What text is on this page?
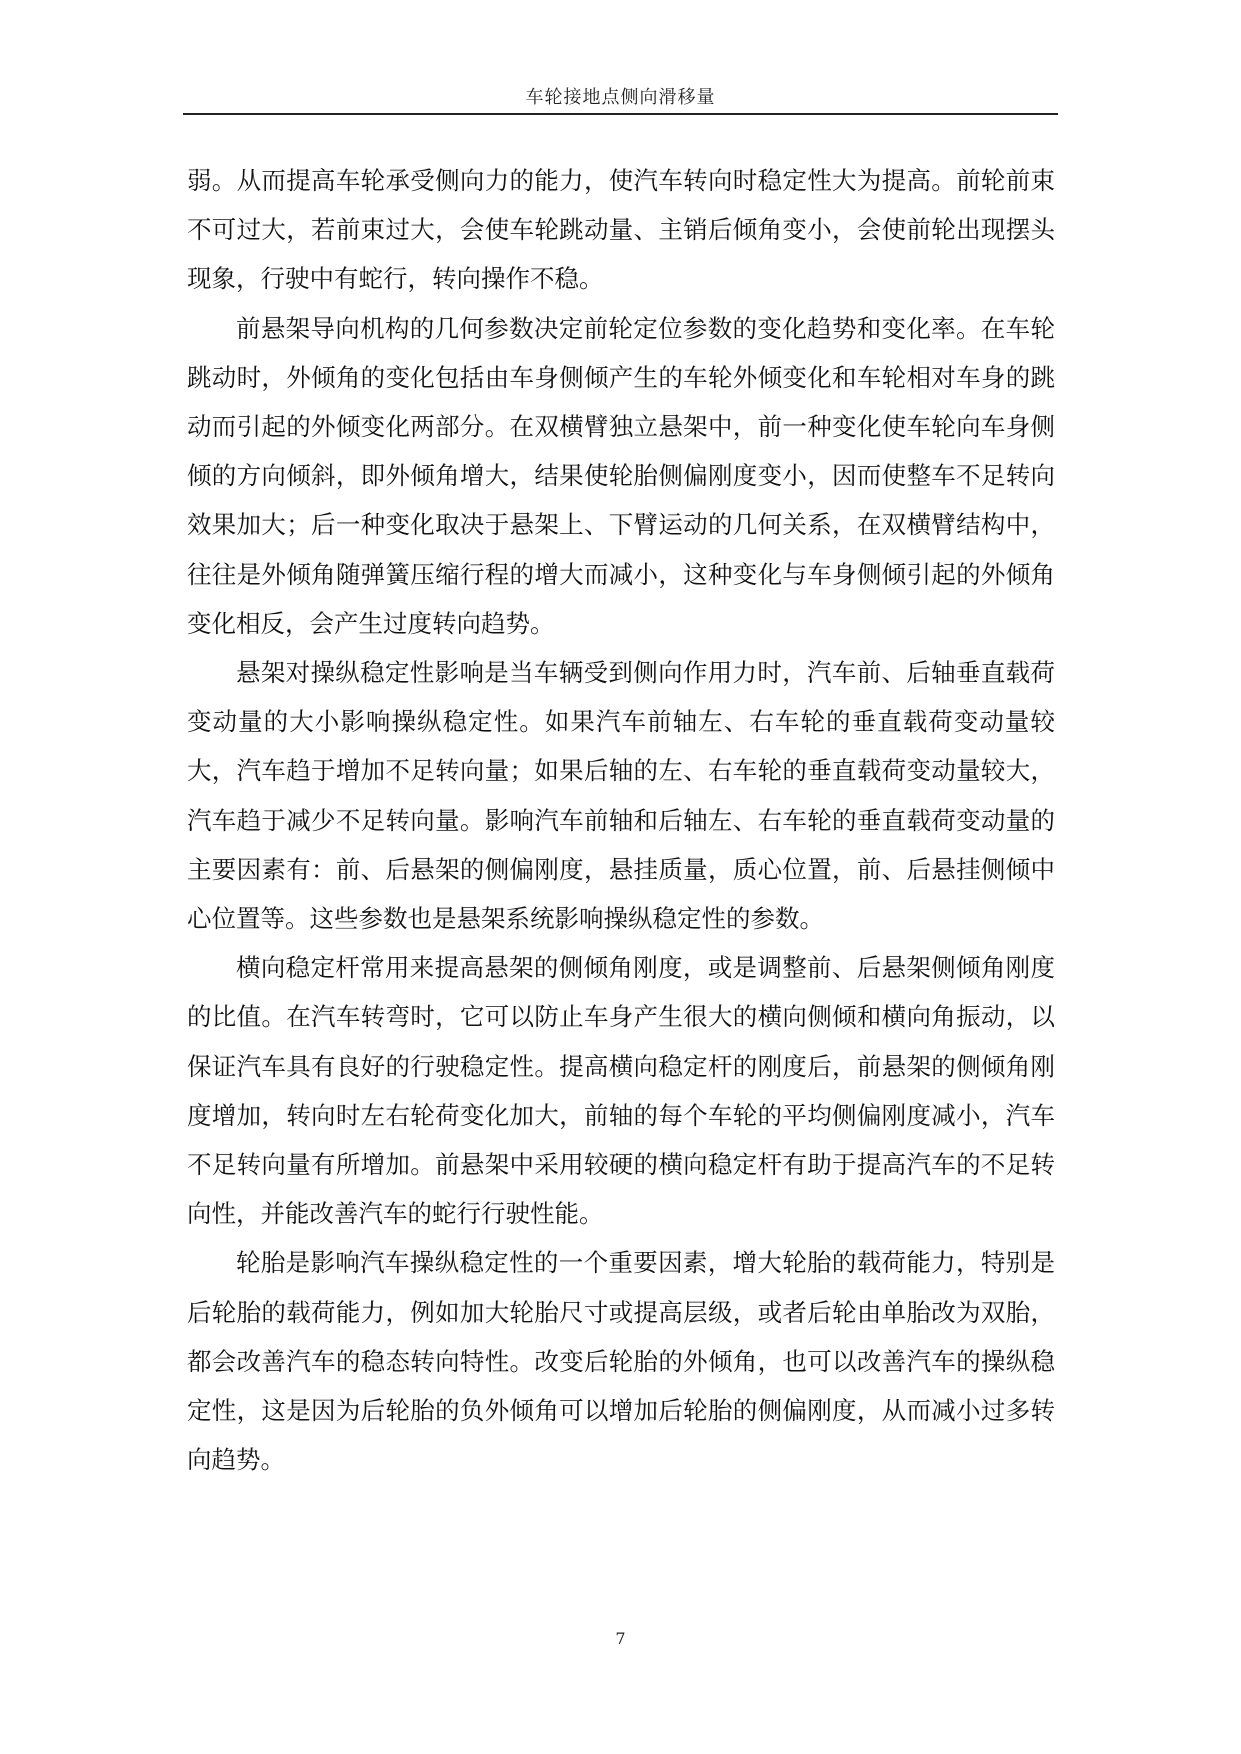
车轮接地点侧向滑移量

弱。从而提高车轮承受侧向力的能力，使汽车转向时稳定性大为提高。前轮前束不可过大，若前束过大，会使车轮跳动量、主销后倾角变小，会使前轮出现摆头现象，行驶中有蛇行，转向操作不稳。

前悬架导向机构的几何参数决定前轮定位参数的变化趋势和变化率。在车轮跳动时，外倾角的变化包括由车身侧倾产生的车轮外倾变化和车轮相对车身的跳动而引起的外倾变化两部分。在双横臂独立悬架中，前一种变化使车轮向车身侧倾的方向倾斜，即外倾角增大，结果使轮胎侧偏刚度变小，因而使整车不足转向效果加大；后一种变化取决于悬架上、下臂运动的几何关系，在双横臂结构中，往往是外倾角随弹簧压缩行程的增大而减小，这种变化与车身侧倾引起的外倾角变化相反，会产生过度转向趋势。

悬架对操纵稳定性影响是当车辆受到侧向作用力时，汽车前、后轴垂直载荷变动量的大小影响操纵稳定性。如果汽车前轴左、右车轮的垂直载荷变动量较大，汽车趋于增加不足转向量；如果后轴的左、右车轮的垂直载荷变动量较大，汽车趋于减少不足转向量。影响汽车前轴和后轴左、右车轮的垂直载荷变动量的主要因素有：前、后悬架的侧偏刚度，悬挂质量，质心位置，前、后悬挂侧倾中心位置等。这些参数也是悬架系统影响操纵稳定性的参数。

横向稳定杆常用来提高悬架的侧倾角刚度，或是调整前、后悬架侧倾角刚度的比值。在汽车转弯时，它可以防止车身产生很大的横向侧倾和横向角振动，以保证汽车具有良好的行驶稳定性。提高横向稳定杆的刚度后，前悬架的侧倾角刚度增加，转向时左右轮荷变化加大，前轴的每个车轮的平均侧偏刚度减小，汽车不足转向量有所增加。前悬架中采用较硬的横向稳定杆有助于提高汽车的不足转向性，并能改善汽车的蛇行行驶性能。

轮胎是影响汽车操纵稳定性的一个重要因素，增大轮胎的载荷能力，特别是后轮胎的载荷能力，例如加大轮胎尺寸或提高层级，或者后轮由单胎改为双胎，都会改善汽车的稳态转向特性。改变后轮胎的外倾角，也可以改善汽车的操纵稳定性，这是因为后轮胎的负外倾角可以增加后轮胎的侧偏刚度，从而减小过多转向趋势。

7
